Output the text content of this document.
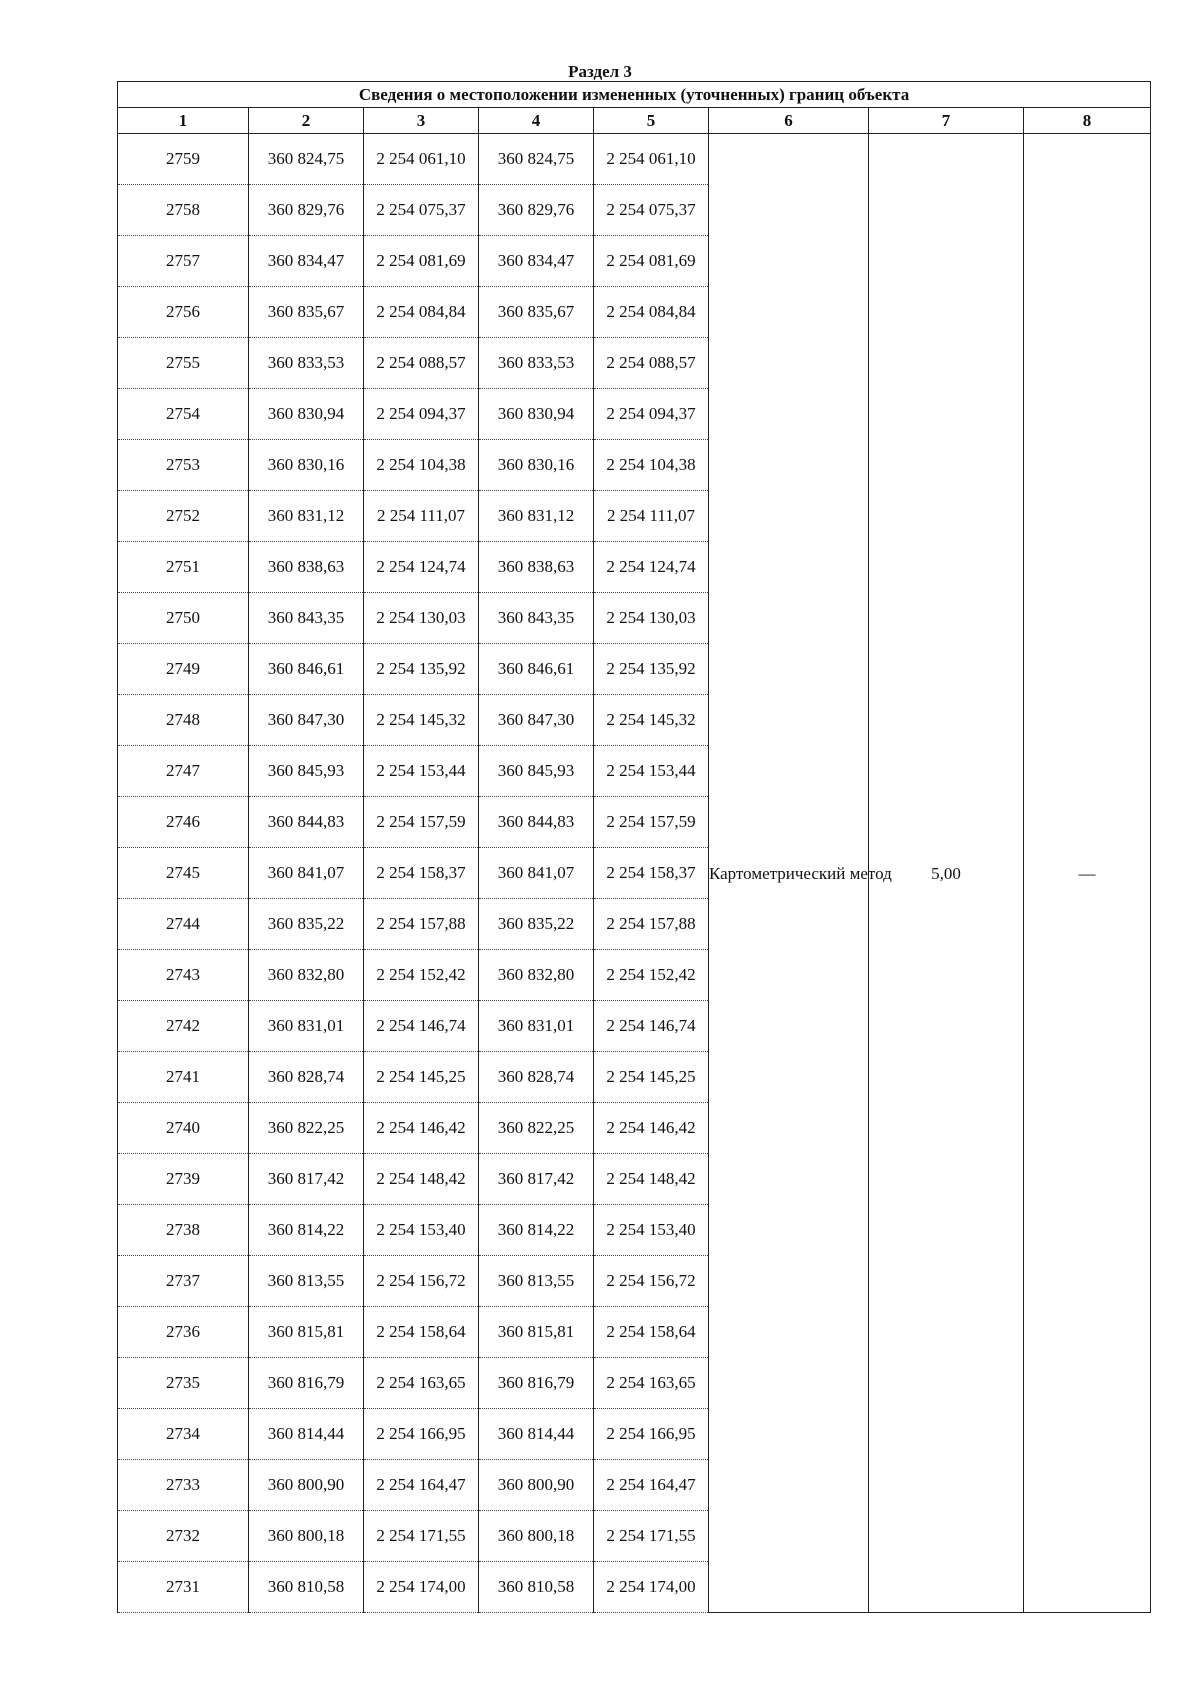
Раздел 3
Сведения о местоположении измененных (уточненных) границ объекта							
1	2	3	4	5	6	7	8
2759	360 824,75	2 254 061,10	360 824,75	2 254 061,10	Картометрический метод	5,00	—
2758	360 829,76	2 254 075,37	360 829,76	2 254 075,37			
2757	360 834,47	2 254 081,69	360 834,47	2 254 081,69			
2756	360 835,67	2 254 084,84	360 835,67	2 254 084,84			
2755	360 833,53	2 254 088,57	360 833,53	2 254 088,57			
2754	360 830,94	2 254 094,37	360 830,94	2 254 094,37			
2753	360 830,16	2 254 104,38	360 830,16	2 254 104,38			
2752	360 831,12	2 254 111,07	360 831,12	2 254 111,07			
2751	360 838,63	2 254 124,74	360 838,63	2 254 124,74			
2750	360 843,35	2 254 130,03	360 843,35	2 254 130,03			
2749	360 846,61	2 254 135,92	360 846,61	2 254 135,92			
2748	360 847,30	2 254 145,32	360 847,30	2 254 145,32			
2747	360 845,93	2 254 153,44	360 845,93	2 254 153,44			
2746	360 844,83	2 254 157,59	360 844,83	2 254 157,59			
2745	360 841,07	2 254 158,37	360 841,07	2 254 158,37			
2744	360 835,22	2 254 157,88	360 835,22	2 254 157,88			
2743	360 832,80	2 254 152,42	360 832,80	2 254 152,42			
2742	360 831,01	2 254 146,74	360 831,01	2 254 146,74			
2741	360 828,74	2 254 145,25	360 828,74	2 254 145,25			
2740	360 822,25	2 254 146,42	360 822,25	2 254 146,42			
2739	360 817,42	2 254 148,42	360 817,42	2 254 148,42			
2738	360 814,22	2 254 153,40	360 814,22	2 254 153,40			
2737	360 813,55	2 254 156,72	360 813,55	2 254 156,72			
2736	360 815,81	2 254 158,64	360 815,81	2 254 158,64			
2735	360 816,79	2 254 163,65	360 816,79	2 254 163,65			
2734	360 814,44	2 254 166,95	360 814,44	2 254 166,95			
2733	360 800,90	2 254 164,47	360 800,90	2 254 164,47			
2732	360 800,18	2 254 171,55	360 800,18	2 254 171,55			
2731	360 810,58	2 254 174,00	360 810,58	2 254 174,00			
